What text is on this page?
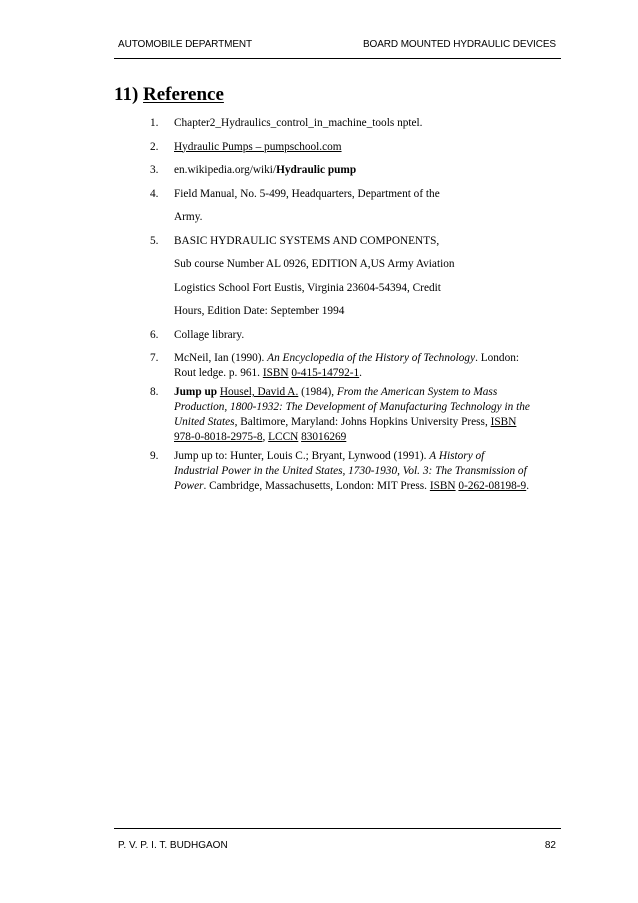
AUTOMOBILE DEPARTMENT	BOARD MOUNTED HYDRAULIC DEVICES
11) Reference
1. Chapter2_Hydraulics_control_in_machine_tools nptel.
2. Hydraulic Pumps – pumpschool.com
3. en.wikipedia.org/wiki/Hydraulic pump
4. Field Manual, No. 5-499, Headquarters, Department of the
Army.
5. BASIC HYDRAULIC SYSTEMS AND COMPONENTS,
Sub course Number AL 0926, EDITION A,US Army Aviation
Logistics School Fort Eustis, Virginia 23604-54394, Credit
Hours, Edition Date: September 1994
6. Collage library.
7. McNeil, Ian (1990). An Encyclopedia of the History of Technology. London: Rout ledge. p. 961. ISBN 0-415-14792-1.
8. Jump up Housel, David A. (1984), From the American System to Mass Production, 1800-1932: The Development of Manufacturing Technology in the United States, Baltimore, Maryland: Johns Hopkins University Press, ISBN 978-0-8018-2975-8, LCCN 83016269
9. Jump up to: Hunter, Louis C.; Bryant, Lynwood (1991). A History of Industrial Power in the United States, 1730-1930, Vol. 3: The Transmission of Power. Cambridge, Massachusetts, London: MIT Press. ISBN 0-262-08198-9.
P. V. P. I. T. BUDHGAON	82
